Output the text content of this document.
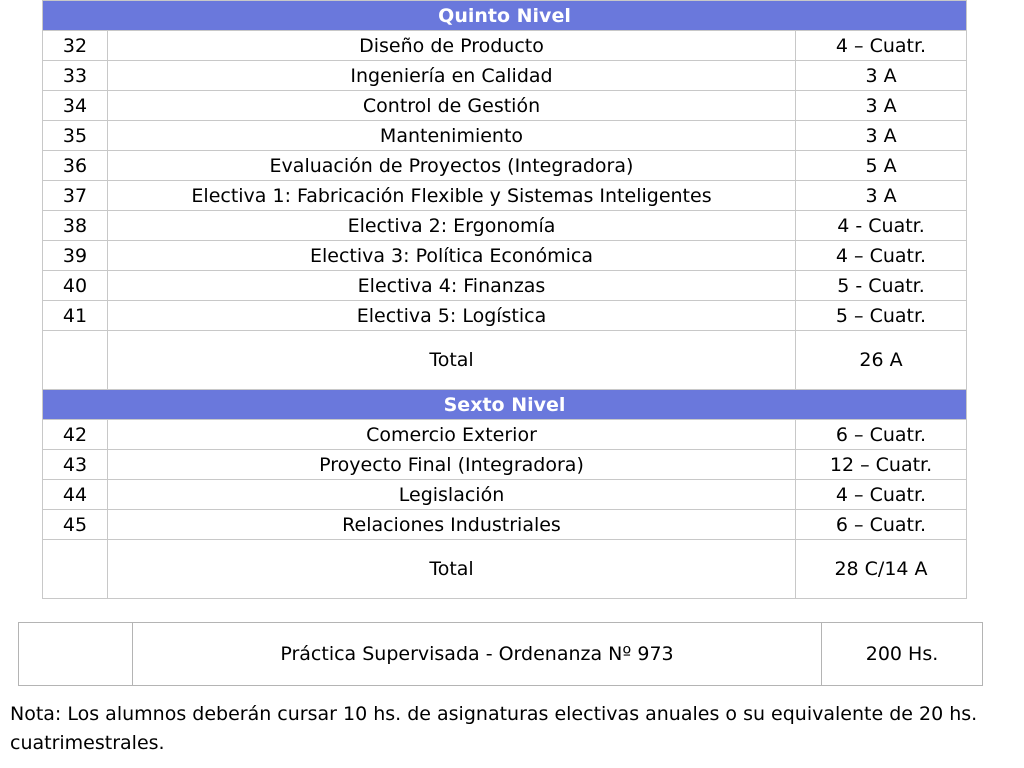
Quinto Nivel		
32	Diseño de Producto	4 – Cuatr.
33	Ingeniería en Calidad	3 A
34	Control de Gestión	3 A
35	Mantenimiento	3 A
36	Evaluación de Proyectos (Integradora)	5 A
37	Electiva 1: Fabricación Flexible y Sistemas Inteligentes	3 A
38	Electiva 2: Ergonomía	4 - Cuatr.
39	Electiva 3: Política Económica	4 – Cuatr.
40	Electiva 4: Finanzas	5 - Cuatr.
41	Electiva 5: Logística	5 – Cuatr.
	Total	26 A
Sexto Nivel		
42	Comercio Exterior	6 – Cuatr.
43	Proyecto Final (Integradora)	12 – Cuatr.
44	Legislación	4 – Cuatr.
45	Relaciones Industriales	6 – Cuatr.
	Total	28 C/14 A
	Práctica Supervisada - Ordenanza Nº 973	200 Hs.
Nota: Los alumnos deberán cursar 10 hs. de asignaturas electivas anuales o su equivalente de 20 hs. cuatrimestrales.
